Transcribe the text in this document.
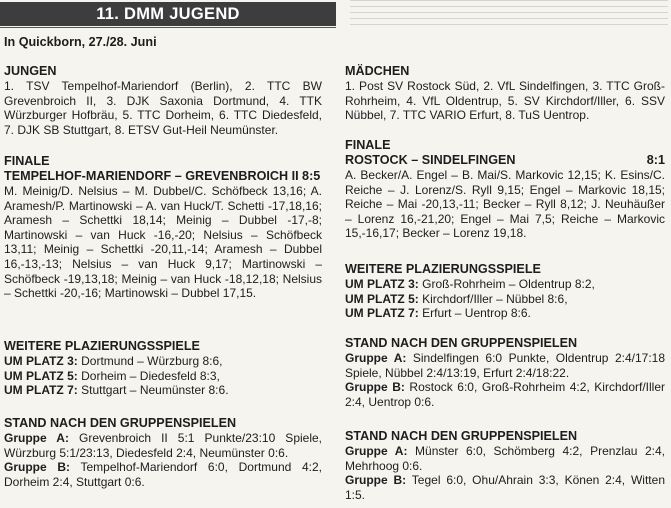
11. DMM JUGEND
In Quickborn, 27./28. Juni

JUNGEN

1. TSV Tempelhof-Mariendorf (Berlin), 2. TTC BW Grevenbroich II, 3. DJK Saxonia Dortmund, 4. TTK Würzburger Hofbräu, 5. TTC Dorheim, 6. TTC Diedesfeld, 7. DJK SB Stuttgart, 8. ETSV Gut-Heil Neumünster.

FINALE

TEMPELHOF-MARIENDORF – GREVENBROICH II 8:5

M. Meinig/D. Nelsius – M. Dubbel/C. Schöfbeck 13,16; A. Aramesh/P. Martinowski – A. van Huck/T. Schetti -17,18,16; Aramesh – Schettki 18,14; Meinig – Dubbel -17,-8; Martinowski – van Huck -16,-20; Nelsius – Schöfbeck 13,11; Meinig – Schettki -20,11,-14; Aramesh – Dubbel 16,-13,-13; Nelsius – van Huck 9,17; Martinowski – Schöfbeck -19,13,18; Meinig – van Huck -18,12,18; Nelsius – Schettki -20,-16; Martinowski – Dubbel 17,15.

WEITERE PLAZIERUNGSSPIELE

UM PLATZ 3: Dortmund – Würzburg 8:6,

UM PLATZ 5: Dorheim – Diedesfeld 8:3,

UM PLATZ 7: Stuttgart – Neumünster 8:6.

STAND NACH DEN GRUPPENSPIELEN

Gruppe A: Grevenbroich II 5:1 Punkte/23:10 Spiele, Würzburg 5:1/23:13, Diedesfeld 2:4, Neumünster 0:6.

Gruppe B: Tempelhof-Mariendorf 6:0, Dortmund 4:2, Dorheim 2:4, Stuttgart 0:6.

MÄDCHEN

1. Post SV Rostock Süd, 2. VfL Sindelfingen, 3. TTC Groß-Rohrheim, 4. VfL Oldentrup, 5. SV Kirchdorf/Iller, 6. SSV Nübbel, 7. TTC VARIO Erfurt, 8. TuS Uentrop.

FINALE

ROSTOCK – SINDELFINGEN	8:1

A. Becker/A. Engel – B. Mai/S. Markovic 12,15; K. Esins/C. Reiche – J. Lorenz/S. Ryll 9,15; Engel – Markovic 18,15; Reiche – Mai -20,13,-11; Becker – Ryll 8,12; J. Neuhäußer – Lorenz 16,-21,20; Engel – Mai 7,5; Reiche – Markovic 15,-16,17; Becker – Lorenz 19,18.

WEITERE PLAZIERUNGSSPIELE

UM PLATZ 3: Groß-Rohrheim – Oldentrup 8:2,

UM PLATZ 5: Kirchdorf/Iller – Nübbel 8:6,

UM PLATZ 7: Erfurt – Uentrop 8:6.

STAND NACH DEN GRUPPENSPIELEN

Gruppe A: Sindelfingen 6:0 Punkte, Oldentrup 2:4/17:18 Spiele, Nübbel 2:4/13:19, Erfurt 2:4/18:22.

Gruppe B: Rostock 6:0, Groß-Rohrheim 4:2, Kirchdorf/Iller 2:4, Uentrop 0:6.

STAND NACH DEN GRUPPENSPIELEN

Gruppe A: Münster 6:0, Schömberg 4:2, Prenzlau 2:4, Mehrhoog 0:6.

Gruppe B: Tegel 6:0, Ohu/Ahrain 3:3, Könen 2:4, Witten 1:5.
